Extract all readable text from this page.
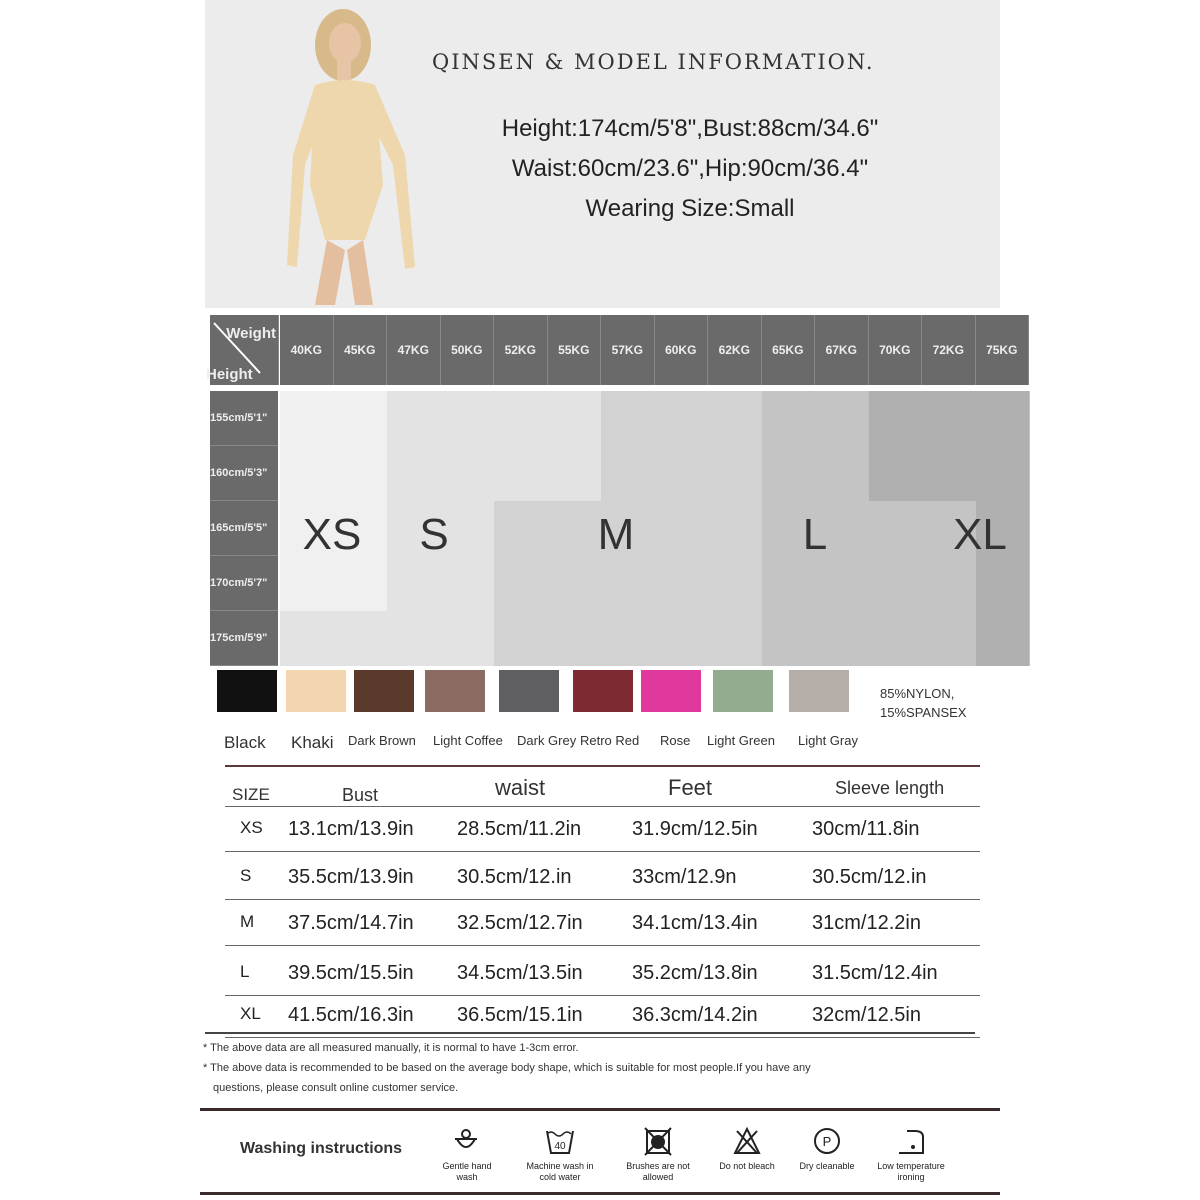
QINSEN & MODEL INFORMATION.
Height:174cm/5'8",Bust:88cm/34.6"
Waist:60cm/23.6",Hip:90cm/36.4"
Wearing Size:Small
Weight
Height
40KG	45KG	47KG	50KG	52KG	55KG	57KG	60KG	62KG	65KG	67KG	70KG	72KG	75KG
155cm/5'1"
160cm/5'3"
165cm/5'5"
170cm/5'7"
175cm/5'9"
XS S	M	L	XL
Black Khaki Dark Brown Light Coffee Dark Grey Retro Red Rose Light Green Light Gray
85%NYLON,
15%SPANSEX
SIZE	Bust	waist	Feet	Sleeve length
XS 13.1cm/13.9in 28.5cm/11.2in	31.9cm/12.5in	30cm/11.8in
S 35.5cm/13.9in 30.5cm/12.in	33cm/12.9n	30.5cm/12.in
M 37.5cm/14.7in 32.5cm/12.7in 34.1cm/13.4in	31cm/12.2in
L 39.5cm/15.5in 34.5cm/13.5in 35.2cm/13.8in	31.5cm/12.4in
XL 41.5cm/16.3in 36.5cm/15.1in 36.3cm/14.2in	32cm/12.5in
* The above data are all measured manually, it is normal to have 1-3cm error.
* The above data is recommended to be based on the average body shape, which is suitable for most people.If you have any
questions, please consult online customer service.
Washing instructions
Gentle hand wash
40
Machine wash in cold water
Brushes are not allowed
Do not bleach
P
Dry cleanable	Low temperature ironing
